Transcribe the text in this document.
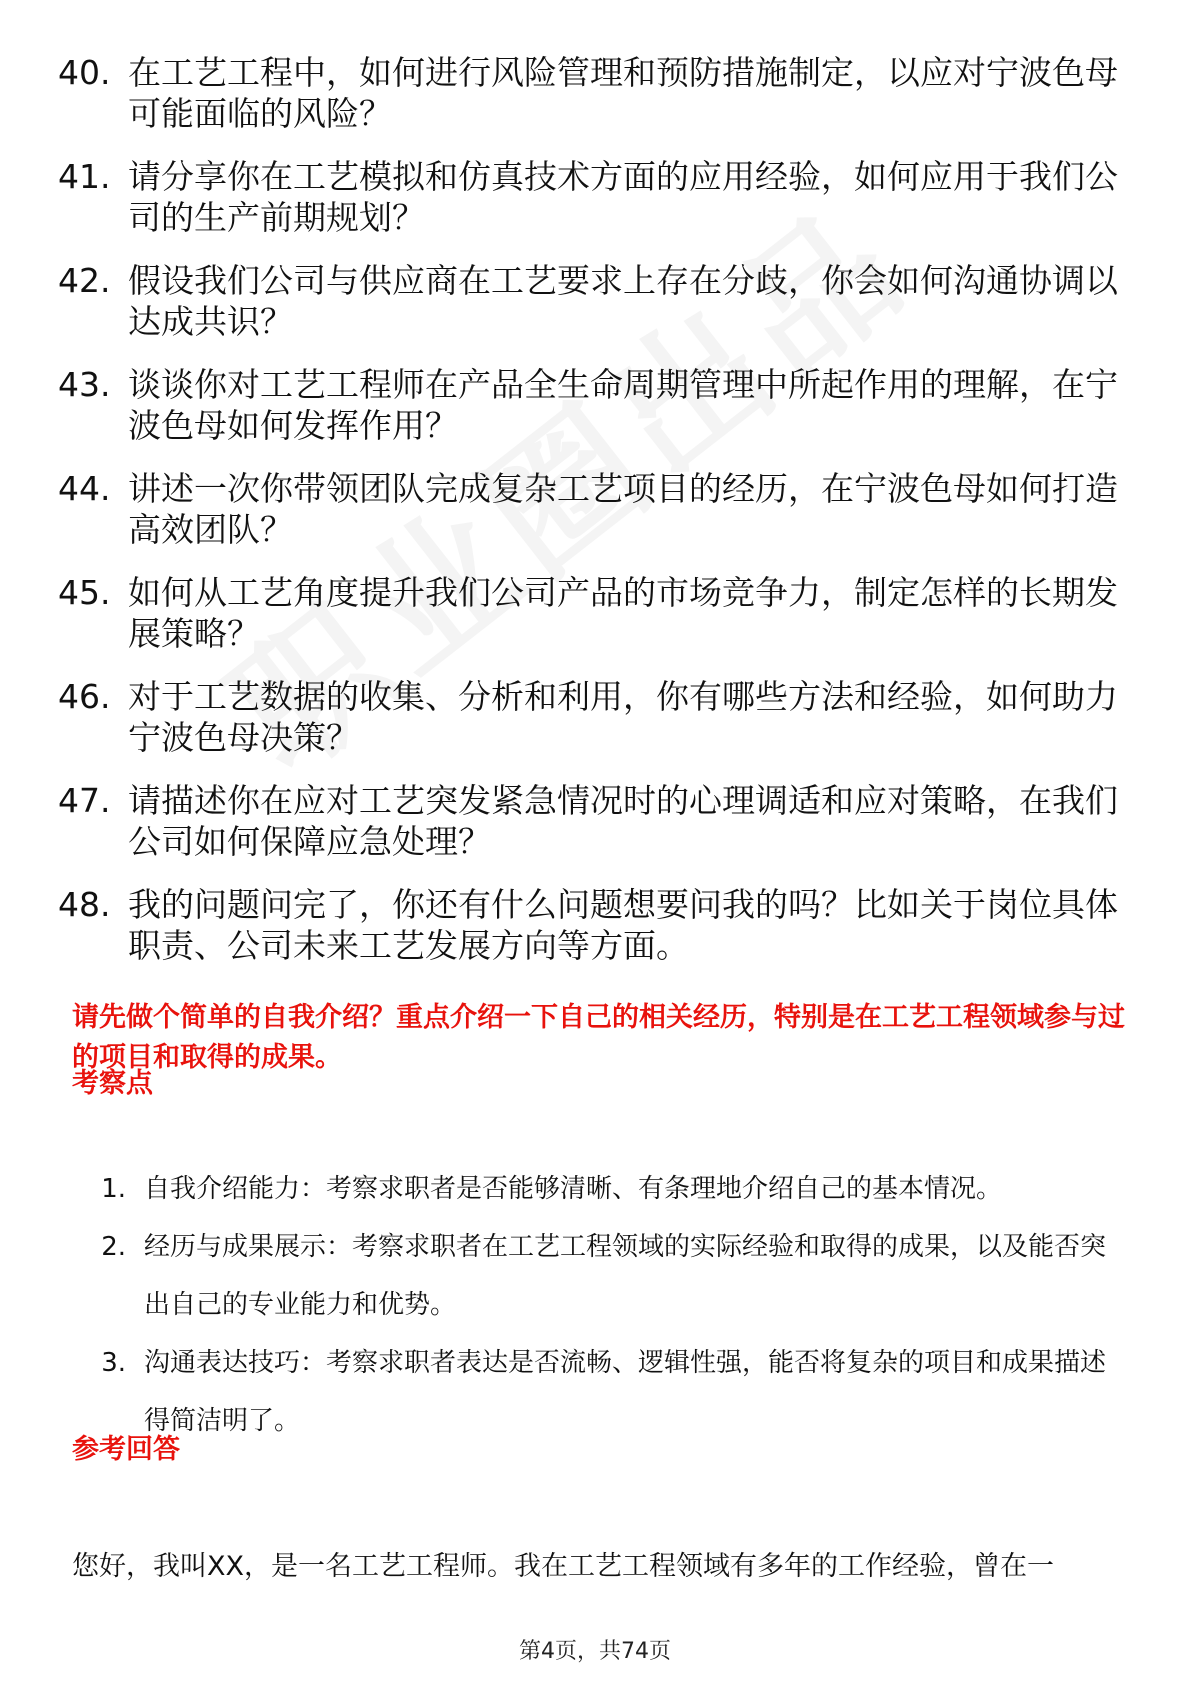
40. 在工艺工程中，如何进行风险管理和预防措施制定，以应对宁波色母可能面临的风险？
41. 请分享你在工艺模拟和仿真技术方面的应用经验，如何应用于我们公司的生产前期规划？
42. 假设我们公司与供应商在工艺要求上存在分歧，你会如何沟通协调以达成共识？
43. 谈谈你对工艺工程师在产品全生命周期管理中所起作用的理解，在宁波色母如何发挥作用？
44. 讲述一次你带领团队完成复杂工艺项目的经历，在宁波色母如何打造高效团队？
45. 如何从工艺角度提升我们公司产品的市场竞争力，制定怎样的长期发展策略？
46. 对于工艺数据的收集、分析和利用，你有哪些方法和经验，如何助力宁波色母决策？
47. 请描述你在应对工艺突发紧急情况时的心理调适和应对策略，在我们公司如何保障应急处理？
48. 我的问题问完了，你还有什么问题想要问我的吗？比如关于岗位具体职责、公司未来工艺发展方向等方面。

请先做个简单的自我介绍？重点介绍一下自己的相关经历，特别是在工艺工程领域参与过的项目和取得的成果。

考察点
1. 自我介绍能力：考察求职者是否能够清晰、有条理地介绍自己的基本情况。
2. 经历与成果展示：考察求职者在工艺工程领域的实际经验和取得的成果，以及能否突出自己的专业能力和优势。
3. 沟通表达技巧：考察求职者表达是否流畅、逻辑性强，能否将复杂的项目和成果描述得简洁明了。
参考回答

您好，我叫XX，是一名工艺工程师。我在工艺工程领域有多年的工作经验，曾在一

第4页，共74页
